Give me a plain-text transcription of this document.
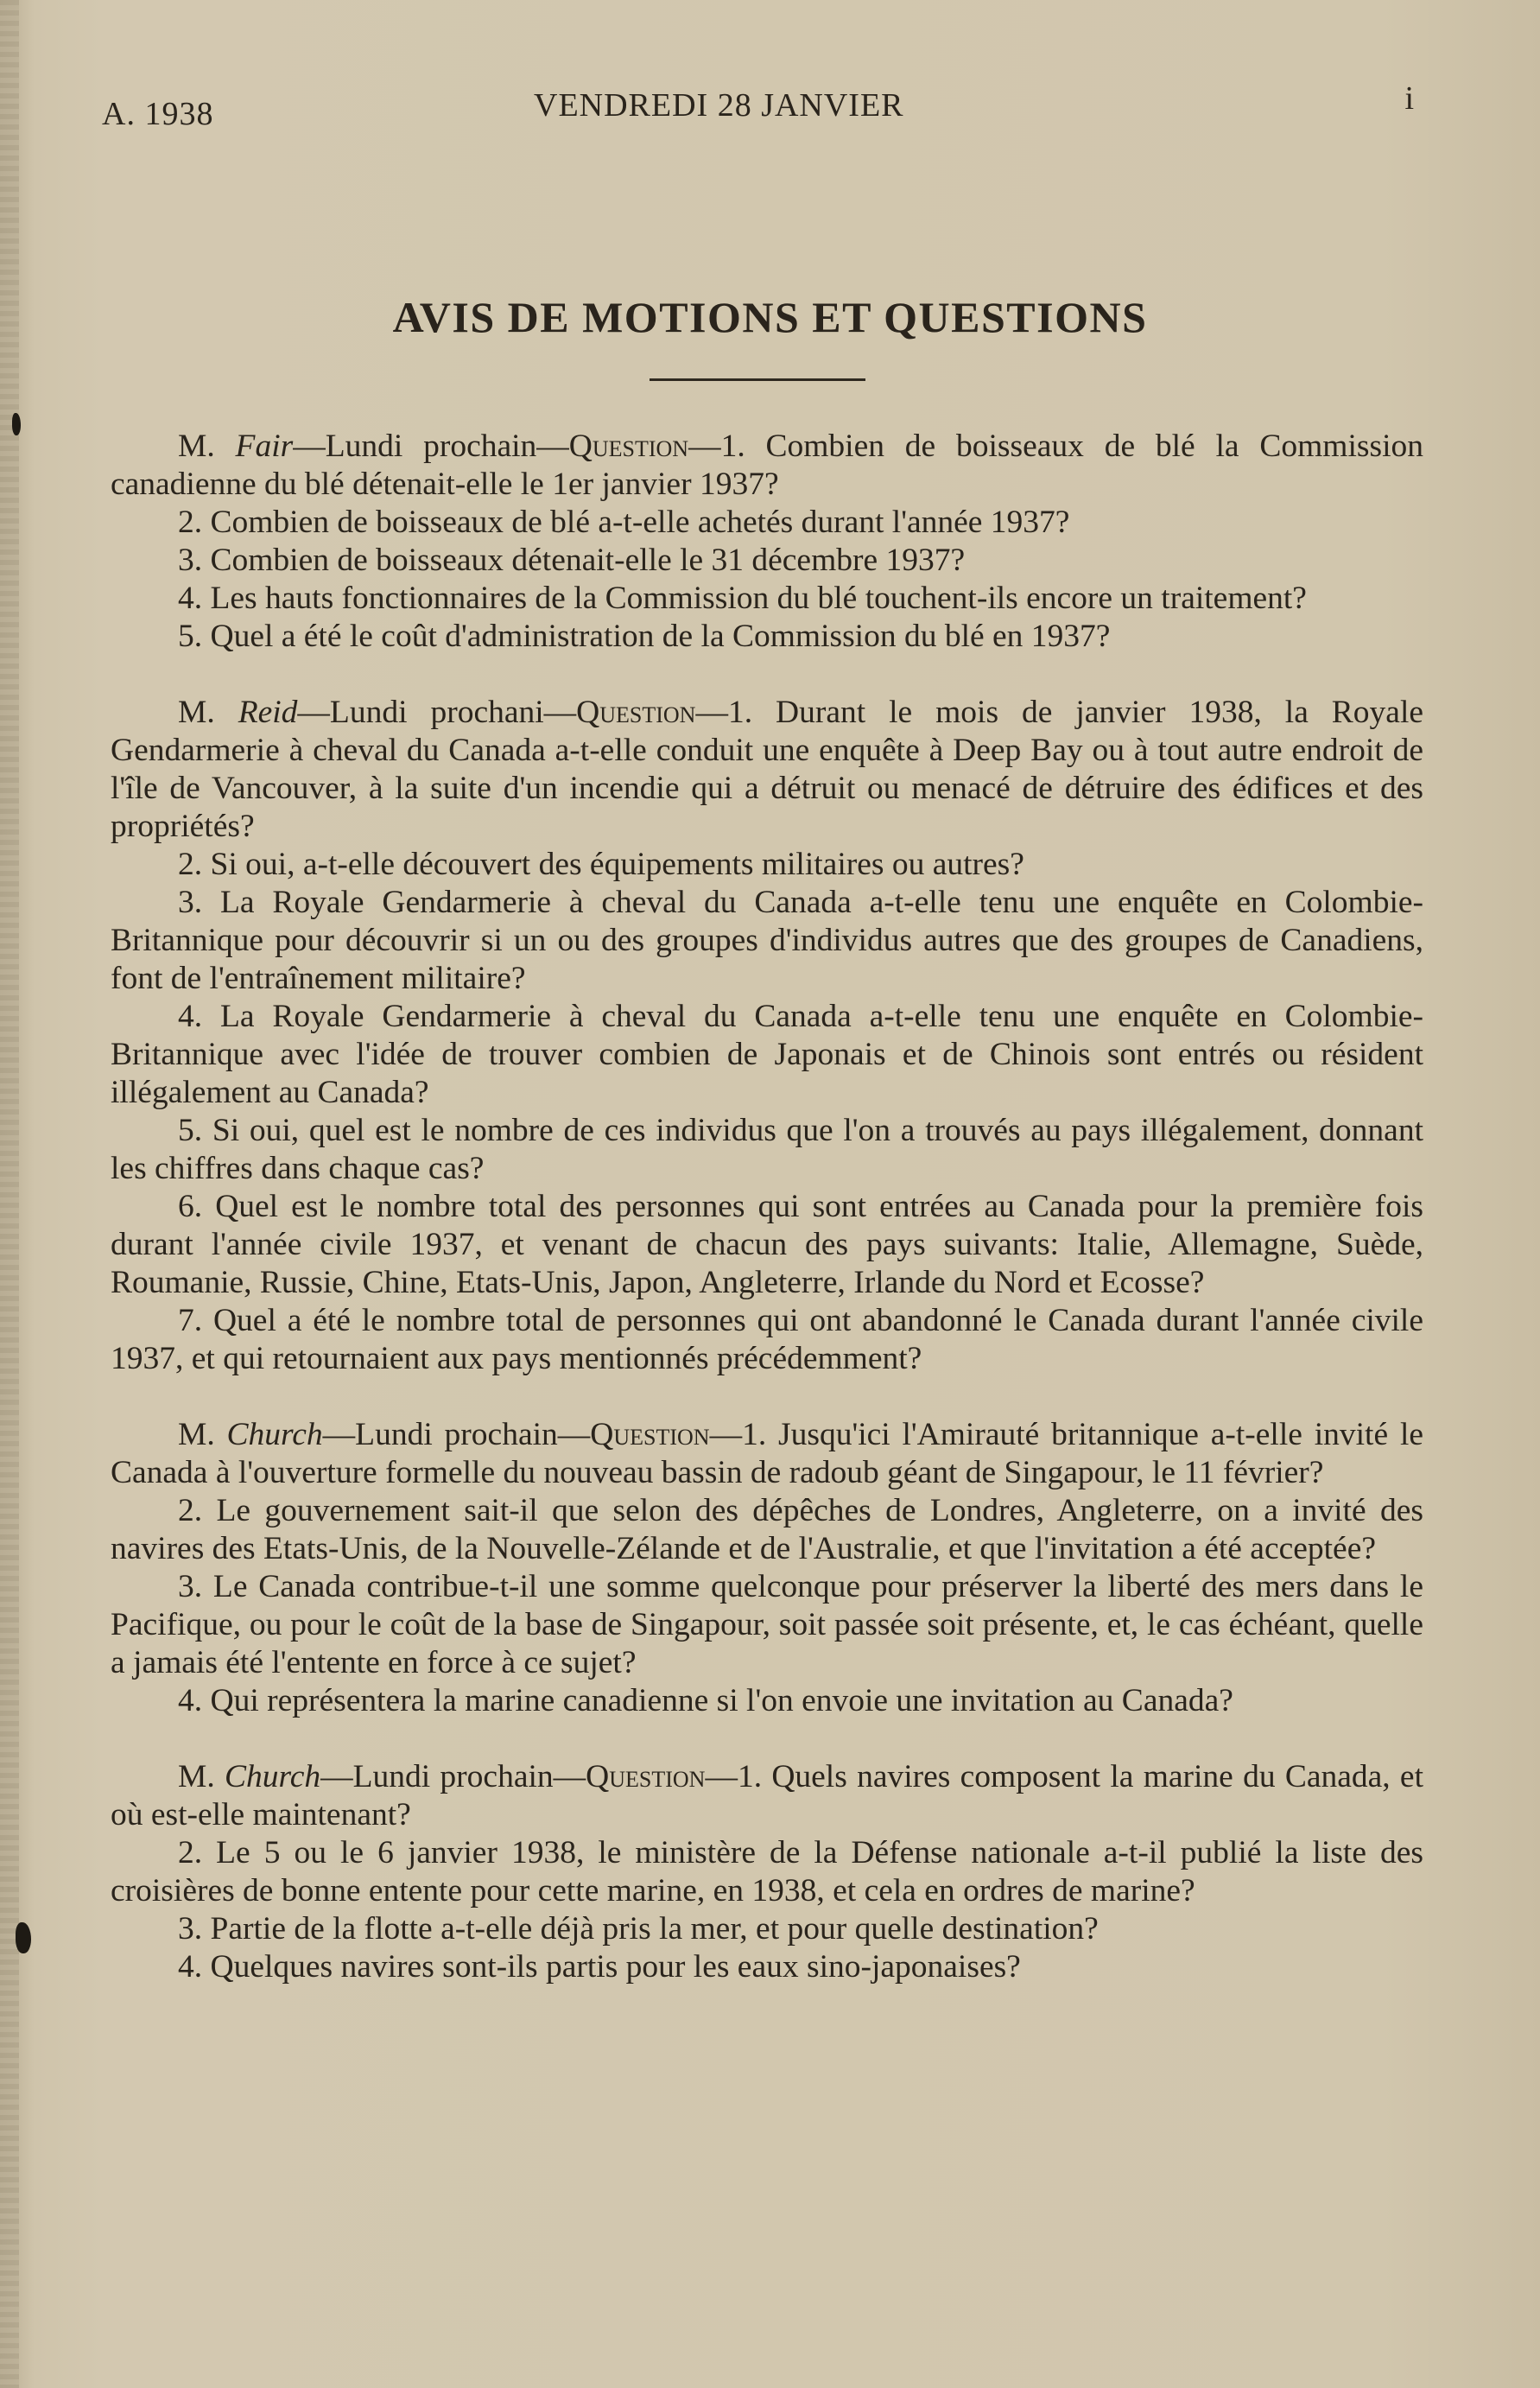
A. 1938	VENDREDI 28 JANVIER	i
AVIS DE MOTIONS ET QUESTIONS

M. Fair—Lundi prochain—Question—1. Combien de boisseaux de blé la Commission canadienne du blé détenait-elle le 1er janvier 1937?

2. Combien de boisseaux de blé a-t-elle achetés durant l'année 1937?

3. Combien de boisseaux détenait-elle le 31 décembre 1937?

4. Les hauts fonctionnaires de la Commission du blé touchent-ils encore un traitement?

5. Quel a été le coût d'administration de la Commission du blé en 1937?

M. Reid—Lundi prochani—Question—1. Durant le mois de janvier 1938, la Royale Gendarmerie à cheval du Canada a-t-elle conduit une enquête à Deep Bay ou à tout autre endroit de l'île de Vancouver, à la suite d'un incendie qui a détruit ou menacé de détruire des édifices et des propriétés?

2. Si oui, a-t-elle découvert des équipements militaires ou autres?

3. La Royale Gendarmerie à cheval du Canada a-t-elle tenu une enquête en Colombie-Britannique pour découvrir si un ou des groupes d'individus autres que des groupes de Canadiens, font de l'entraînement militaire?

4. La Royale Gendarmerie à cheval du Canada a-t-elle tenu une enquête en Colombie-Britannique avec l'idée de trouver combien de Japonais et de Chinois sont entrés ou résident illégalement au Canada?

5. Si oui, quel est le nombre de ces individus que l'on a trouvés au pays illégalement, donnant les chiffres dans chaque cas?

6. Quel est le nombre total des personnes qui sont entrées au Canada pour la première fois durant l'année civile 1937, et venant de chacun des pays suivants: Italie, Allemagne, Suède, Roumanie, Russie, Chine, Etats-Unis, Japon, Angleterre, Irlande du Nord et Ecosse?

7. Quel a été le nombre total de personnes qui ont abandonné le Canada durant l'année civile 1937, et qui retournaient aux pays mentionnés précédemment?

M. Church—Lundi prochain—Question—1. Jusqu'ici l'Amirauté britannique a-t-elle invité le Canada à l'ouverture formelle du nouveau bassin de radoub géant de Singapour, le 11 février?

2. Le gouvernement sait-il que selon des dépêches de Londres, Angleterre, on a invité des navires des Etats-Unis, de la Nouvelle-Zélande et de l'Australie, et que l'invitation a été acceptée?

3. Le Canada contribue-t-il une somme quelconque pour préserver la liberté des mers dans le Pacifique, ou pour le coût de la base de Singapour, soit passée soit présente, et, le cas échéant, quelle a jamais été l'entente en force à ce sujet?

4. Qui représentera la marine canadienne si l'on envoie une invitation au Canada?

M. Church—Lundi prochain—Question—1. Quels navires composent la marine du Canada, et où est-elle maintenant?

2. Le 5 ou le 6 janvier 1938, le ministère de la Défense nationale a-t-il publié la liste des croisières de bonne entente pour cette marine, en 1938, et cela en ordres de marine?

3. Partie de la flotte a-t-elle déjà pris la mer, et pour quelle destination?

4. Quelques navires sont-ils partis pour les eaux sino-japonaises?
